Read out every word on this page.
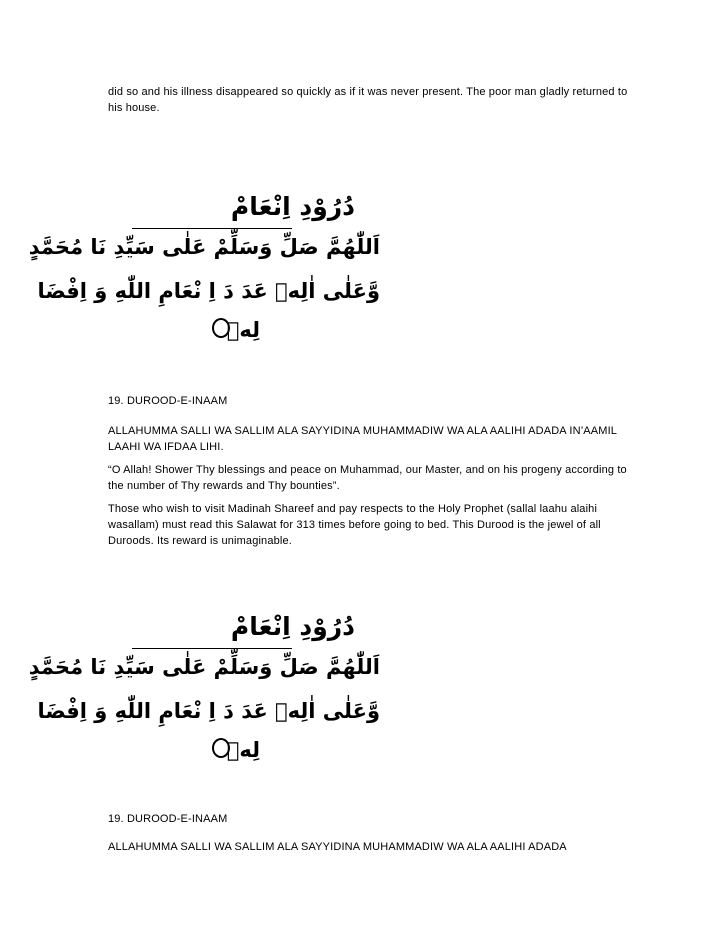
did so and his illness disappeared so quickly as if it was never present. The poor man gladly returned to his house.

دُرُوْدِ اِنْعَامْ
اَللّٰهُمَّ صَلِّ وَسَلِّمْ عَلٰى سَيِّدِ نَا مُحَمَّدٍ
وَّعَلٰى اٰلِهٖ عَدَ دَ اِ نْعَامِ اللّٰهِ وَ اِفْضَا
لِهٖ

19. DUROOD-E-INAAM

ALLAHUMMA SALLI WA SALLIM ALA SAYYIDINA MUHAMMADIW WA ALA AALIHI ADADA IN’AAMIL LAAHI WA IFDAA LIHI.

“O Allah! Shower Thy blessings and peace on Muhammad, our Master, and on his progeny according to the number of Thy rewards and Thy bounties”.

Those who wish to visit Madinah Shareef and pay respects to the Holy Prophet (sallal laahu alaihi wasallam) must read this Salawat for 313 times before going to bed. This Durood is the jewel of all Duroods. Its reward is unimaginable.

دُرُوْدِ اِنْعَامْ
اَللّٰهُمَّ صَلِّ وَسَلِّمْ عَلٰى سَيِّدِ نَا مُحَمَّدٍ
وَّعَلٰى اٰلِهٖ عَدَ دَ اِ نْعَامِ اللّٰهِ وَ اِفْضَا
لِهٖ

19. DUROOD-E-INAAM

ALLAHUMMA SALLI WA SALLIM ALA SAYYIDINA MUHAMMADIW WA ALA AALIHI ADADA
